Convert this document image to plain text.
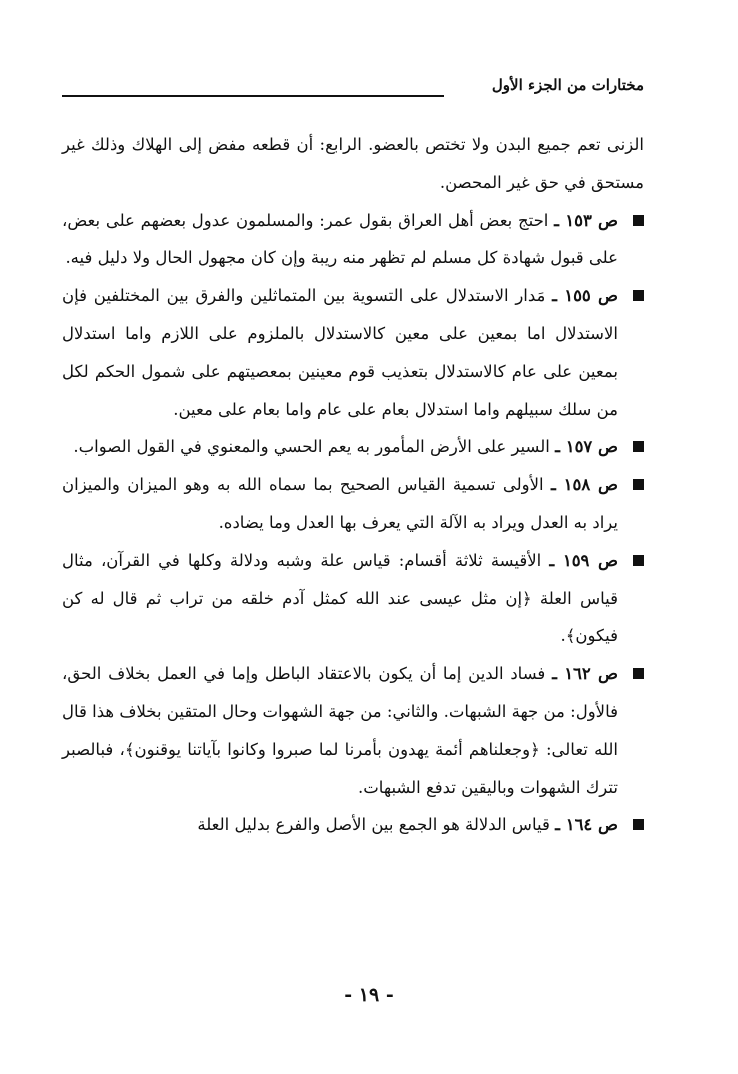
مختارات من الجزء الأول

الزنى تعم جميع البدن ولا تختص بالعضو. الرابع: أن قطعه مفض إلى الهلاك وذلك غير مستحق في حق غير المحصن.

ص ١٥٣ ـ احتج بعض أهل العراق بقول عمر: والمسلمون عدول بعضهم على بعض، على قبول شهادة كل مسلم لم تظهر منه ريبة وإن كان مجهول الحال ولا دليل فيه.

ص ١٥٥ ـ مَدار الاستدلال على التسوية بين المتماثلين والفرق بين المختلفين فإن الاستدلال اما بمعين على معين كالاستدلال بالملزوم على اللازم واما استدلال بمعين على عام كالاستدلال بتعذيب قوم معينين بمعصيتهم على شمول الحكم لكل من سلك سبيلهم واما استدلال بعام على عام واما بعام على معين.

ص ١٥٧ ـ السير على الأرض المأمور به يعم الحسي والمعنوي في القول الصواب.

ص ١٥٨ ـ الأولى تسمية القياس الصحيح بما سماه الله به وهو الميزان والميزان يراد به العدل ويراد به الآلة التي يعرف بها العدل وما يضاده.

ص ١٥٩ ـ الأقيسة ثلاثة أقسام: قياس علة وشبه ودلالة وكلها في القرآن، مثال قياس العلة ﴿إن مثل عيسى عند الله كمثل آدم خلقه من تراب ثم قال له كن فيكون﴾.

ص ١٦٢ ـ فساد الدين إما أن يكون بالاعتقاد الباطل وإما في العمل بخلاف الحق، فالأول: من جهة الشبهات. والثاني: من جهة الشهوات وحال المتقين بخلاف هذا قال الله تعالى: ﴿وجعلناهم أئمة يهدون بأمرنا لما صبروا وكانوا بآياتنا يوقنون﴾، فبالصبر تترك الشهوات وباليقين تدفع الشبهات.

ص ١٦٤ ـ قياس الدلالة هو الجمع بين الأصل والفرع بدليل العلة

- ١٩ -
